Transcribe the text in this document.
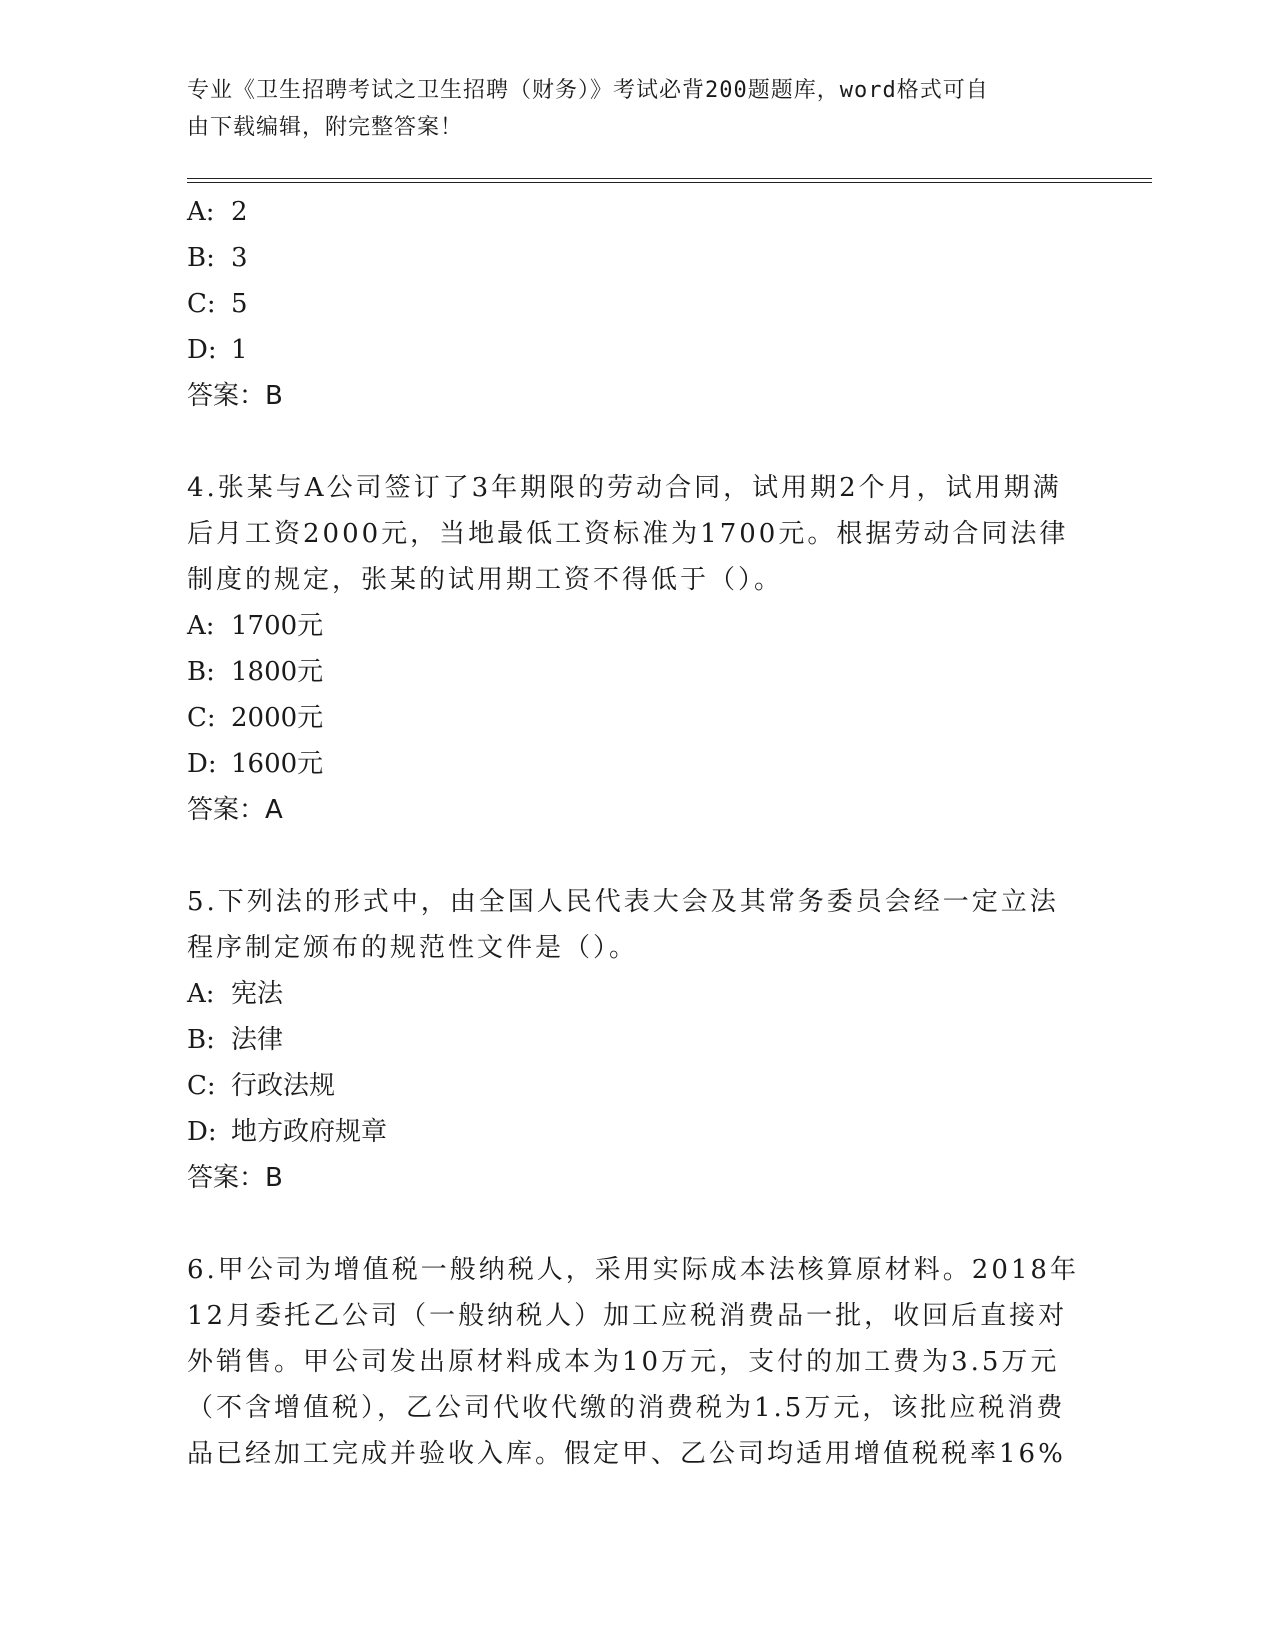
专业《卫生招聘考试之卫生招聘（财务）》考试必背200题题库，word格式可自
由下载编辑，附完整答案！
A: 2
B: 3
C: 5
D: 1
答案：B
4.张某与A公司签订了3年期限的劳动合同，试用期2个月，试用期满后月工资2000元，当地最低工资标准为1700元。根据劳动合同法律制度的规定，张某的试用期工资不得低于（）。
A: 1700元
B: 1800元
C: 2000元
D: 1600元
答案：A
5.下列法的形式中，由全国人民代表大会及其常务委员会经一定立法程序制定颁布的规范性文件是（）。
A: 宪法
B: 法律
C: 行政法规
D: 地方政府规章
答案：B
6.甲公司为增值税一般纳税人，采用实际成本法核算原材料。2018年12月委托乙公司（一般纳税人）加工应税消费品一批，收回后直接对外销售。甲公司发出原材料成本为10万元，支付的加工费为3.5万元（不含增值税），乙公司代收代缴的消费税为1.5万元，该批应税消费品已经加工完成并验收入库。假定甲、乙公司均适用增值税税率16%
